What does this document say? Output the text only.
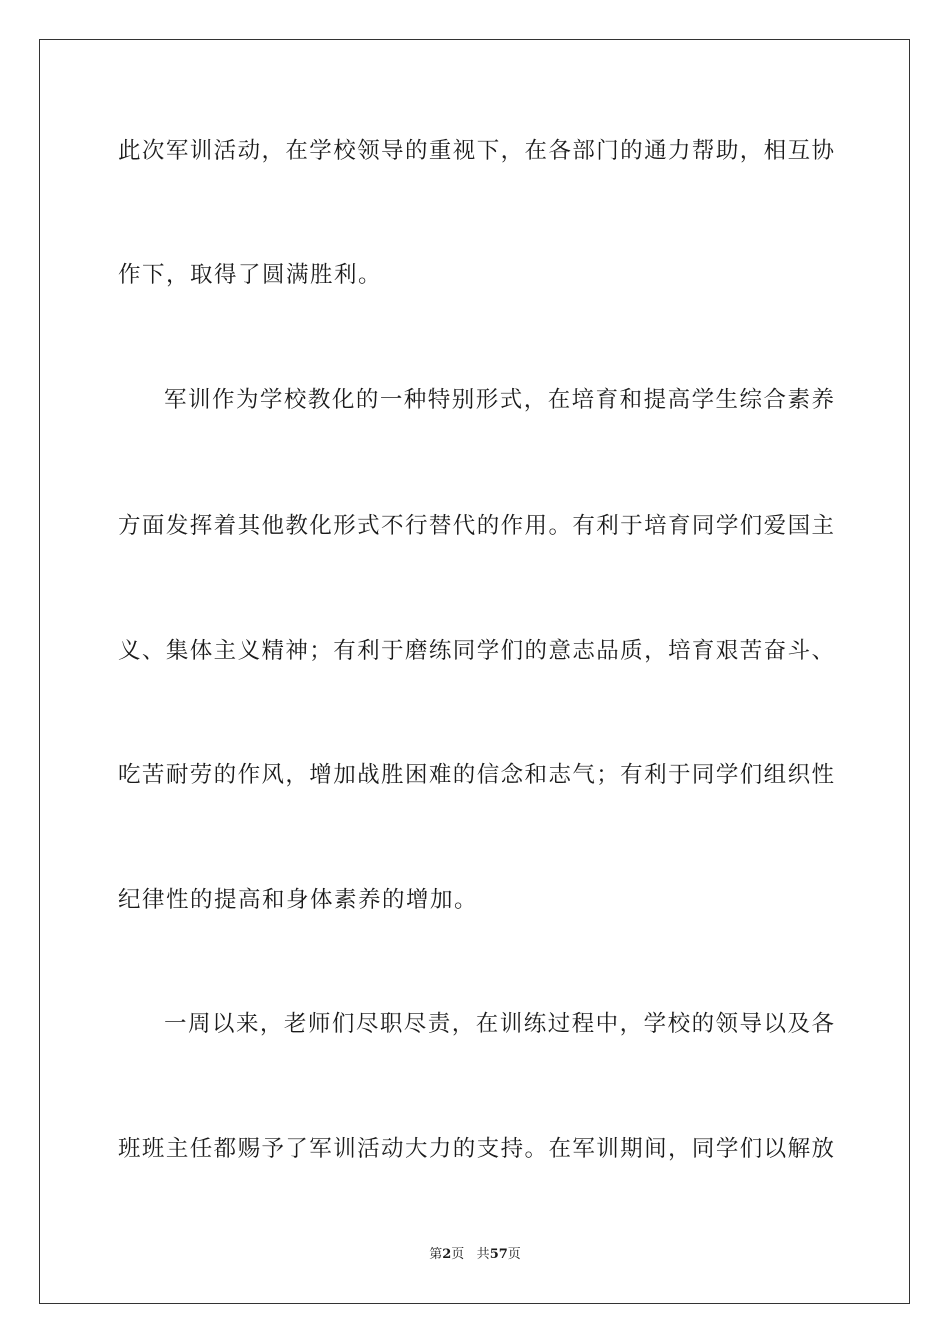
此次军训活动，在学校领导的重视下，在各部门的通力帮助，相互协
作下，取得了圆满胜利。
军训作为学校教化的一种特别形式，在培育和提高学生综合素养
方面发挥着其他教化形式不行替代的作用。有利于培育同学们爱国主
义、集体主义精神；有利于磨练同学们的意志品质，培育艰苦奋斗、
吃苦耐劳的作风，增加战胜困难的信念和志气；有利于同学们组织性
纪律性的提高和身体素养的增加。
一周以来，老师们尽职尽责，在训练过程中，学校的领导以及各
班班主任都赐予了军训活动大力的支持。在军训期间，同学们以解放
第2页 共57页
